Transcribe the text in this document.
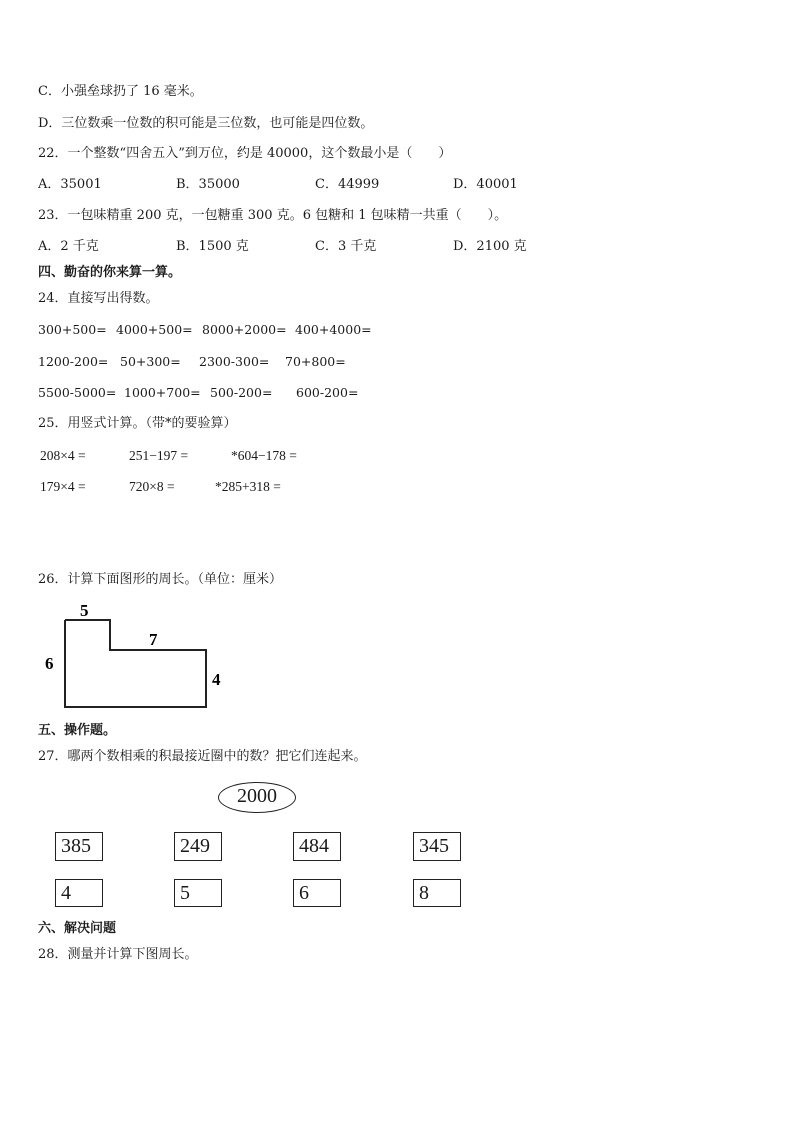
C．小强垒球扔了 16 毫米。
D．三位数乘一位数的积可能是三位数，也可能是四位数。
22．一个整数“四舍五入”到万位，约是 40000，这个数最小是（　　）
A．35001	B．35000	C．44999	D．40001
23．一包味精重 200 克，一包糖重 300 克。6 包糖和 1 包味精一共重（　　）。
A．2 千克	B．1500 克	C．3 千克	D．2100 克
四、勤奋的你来算一算。
24．直接写出得数。
300+500= 4000+500= 8000+2000= 400+4000=
1200-200= 50+300= 2300-300= 70+800=
5500-5000= 1000+700= 500-200= 600-200=
25．用竖式计算。（带*的要验算）
208×4 =	251−197 =	*604−178 =
179×4 =	720×8 =	*285+318 =
26．计算下面图形的周长。（单位：厘米）
5
7
6
4
五、操作题。
27．哪两个数相乘的积最接近圈中的数？把它们连起来。
2000
385	249	484	345
4	5	6	8
六、解决问题
28．测量并计算下图周长。
